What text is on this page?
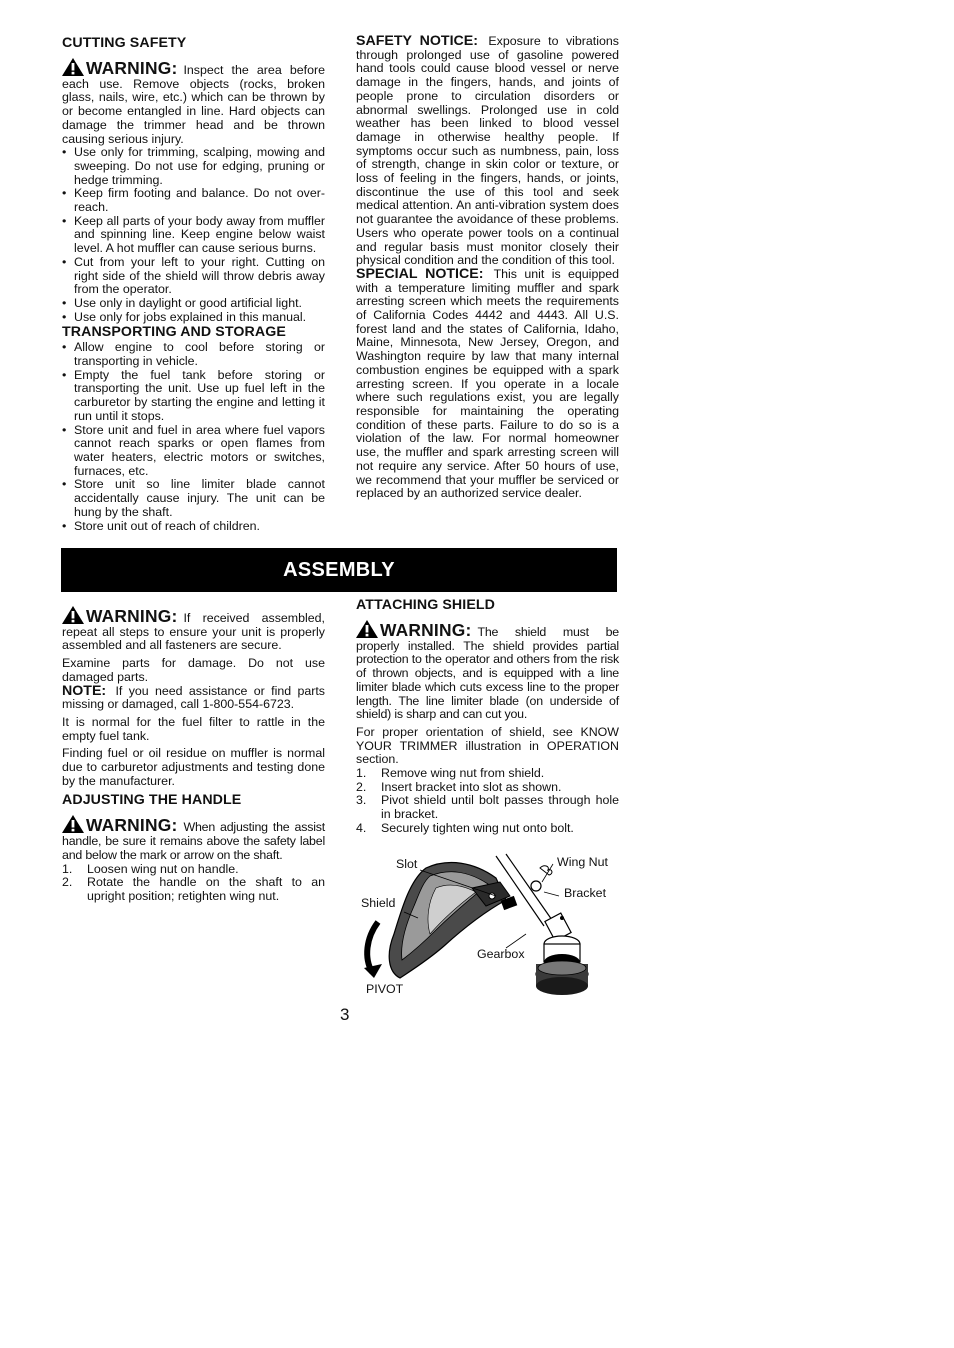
CUTTING SAFETY

WARNING: Inspect the area before each use. Remove objects (rocks, broken glass, nails, wire, etc.) which can be thrown by or become entangled in line. Hard objects can damage the trimmer head and be thrown causing serious injury.

• Use only for trimming, scalping, mowing and sweeping. Do not use for edging, pruning or hedge trimming.
• Keep firm footing and balance. Do not over-reach.
• Keep all parts of your body away from muffler and spinning line. Keep engine below waist level. A hot muffler can cause serious burns.
• Cut from your left to your right. Cutting on right side of the shield will throw debris away from the operator.
• Use only in daylight or good artificial light.
• Use only for jobs explained in this manual.
TRANSPORTING AND STORAGE
• Allow engine to cool before storing or transporting in vehicle.
• Empty the fuel tank before storing or transporting the unit. Use up fuel left in the carburetor by starting the engine and letting it run until it stops.
• Store unit and fuel in area where fuel vapors cannot reach sparks or open flames from water heaters, electric motors or switches, furnaces, etc.
• Store unit so line limiter blade cannot accidentally cause injury. The unit can be hung by the shaft.
• Store unit out of reach of children.

SAFETY NOTICE: Exposure to vibrations through prolonged use of gasoline powered hand tools could cause blood vessel or nerve damage in the fingers, hands, and joints of people prone to circulation disorders or abnormal swellings. Prolonged use in cold weather has been linked to blood vessel damage in otherwise healthy people. If symptoms occur such as numbness, pain, loss of strength, change in skin color or texture, or loss of feeling in the fingers, hands, or joints, discontinue the use of this tool and seek medical attention. An anti-vibration system does not guarantee the avoidance of these problems. Users who operate power tools on a continual and regular basis must monitor closely their physical condition and the condition of this tool.

SPECIAL NOTICE: This unit is equipped with a temperature limiting muffler and spark arresting screen which meets the requirements of California Codes 4442 and 4443. All U.S. forest land and the states of California, Idaho, Maine, Minnesota, New Jersey, Oregon, and Washington require by law that many internal combustion engines be equipped with a spark arresting screen. If you operate in a locale where such regulations exist, you are legally responsible for maintaining the operating condition of these parts. Failure to do so is a violation of the law. For normal homeowner use, the muffler and spark arresting screen will not require any service. After 50 hours of use, we recommend that your muffler be serviced or replaced by an authorized service dealer.

ASSEMBLY

WARNING: If received assembled, repeat all steps to ensure your unit is properly assembled and all fasteners are secure.

Examine parts for damage. Do not use damaged parts.

NOTE: If you need assistance or find parts missing or damaged, call 1-800-554-6723.

It is normal for the fuel filter to rattle in the empty fuel tank.

Finding fuel or oil residue on muffler is normal due to carburetor adjustments and testing done by the manufacturer.

ADJUSTING THE HANDLE

WARNING: When adjusting the assist handle, be sure it remains above the safety label and below the mark or arrow on the shaft.

1. Loosen wing nut on handle.
2. Rotate the handle on the shaft to an upright position; retighten wing nut.
ATTACHING SHIELD

WARNING: The shield must be properly installed. The shield provides partial protection to the operator and others from the risk of thrown objects, and is equipped with a line limiter blade which cuts excess line to the proper length. The line limiter blade (on underside of shield) is sharp and can cut you.

For proper orientation of shield, see KNOW YOUR TRIMMER illustration in OPERATION section.

1. Remove wing nut from shield.
2. Insert bracket into slot as shown.
3. Pivot shield until bolt passes through hole in bracket.
4. Securely tighten wing nut onto bolt.
Slot	Wing Nut
Bracket
Shield
Gearbox
PIVOT
3
